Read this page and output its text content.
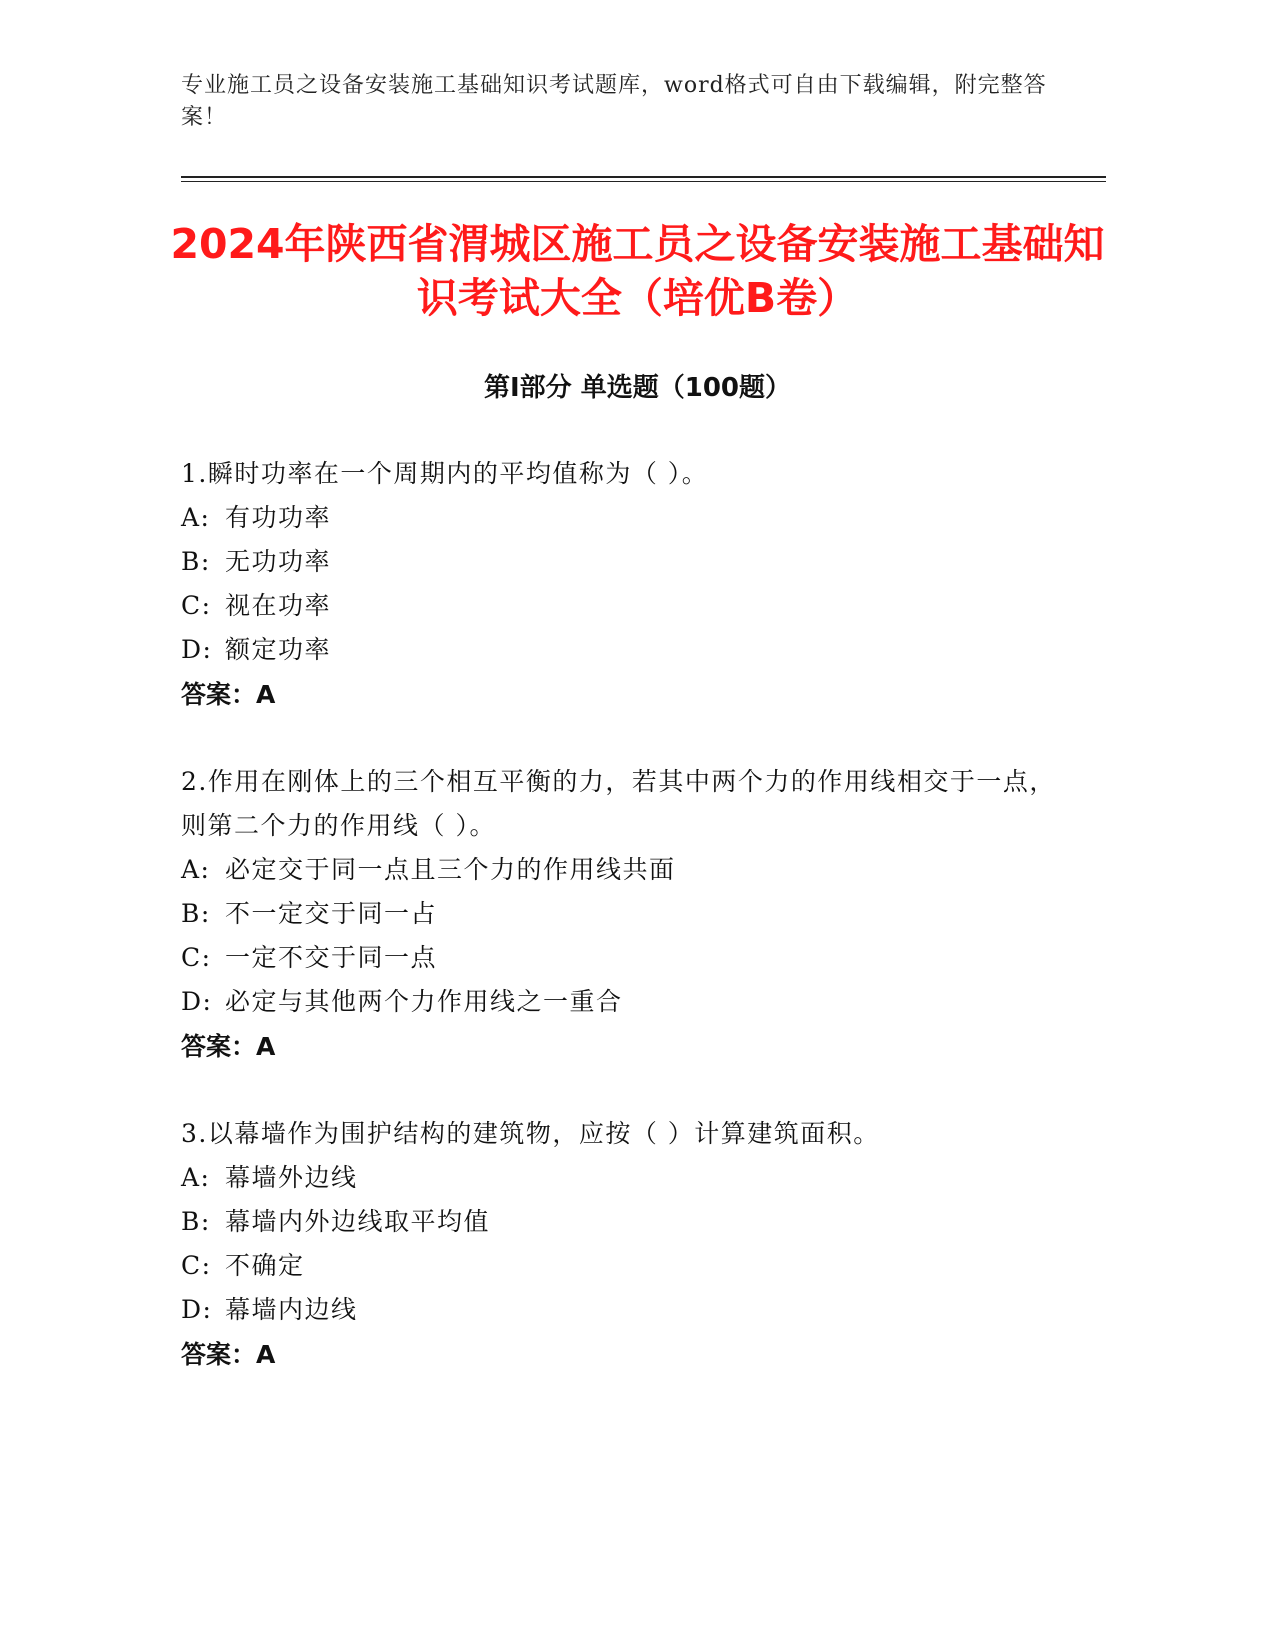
专业施工员之设备安装施工基础知识考试题库，word格式可自由下载编辑，附完整答案！
2024年陕西省渭城区施工员之设备安装施工基础知识考试大全（培优B卷）
第Ⅰ部分 单选题（100题）
1.瞬时功率在一个周期内的平均值称为（ ）。
A: 有功功率
B: 无功功率
C: 视在功率
D: 额定功率
答案：A
2.作用在刚体上的三个相互平衡的力，若其中两个力的作用线相交于一点，则第二个力的作用线（ ）。
A: 必定交于同一点且三个力的作用线共面
B: 不一定交于同一占
C: 一定不交于同一点
D: 必定与其他两个力作用线之一重合
答案：A
3.以幕墙作为围护结构的建筑物，应按（ ）计算建筑面积。
A: 幕墙外边线
B: 幕墙内外边线取平均值
C: 不确定
D: 幕墙内边线
答案：A
